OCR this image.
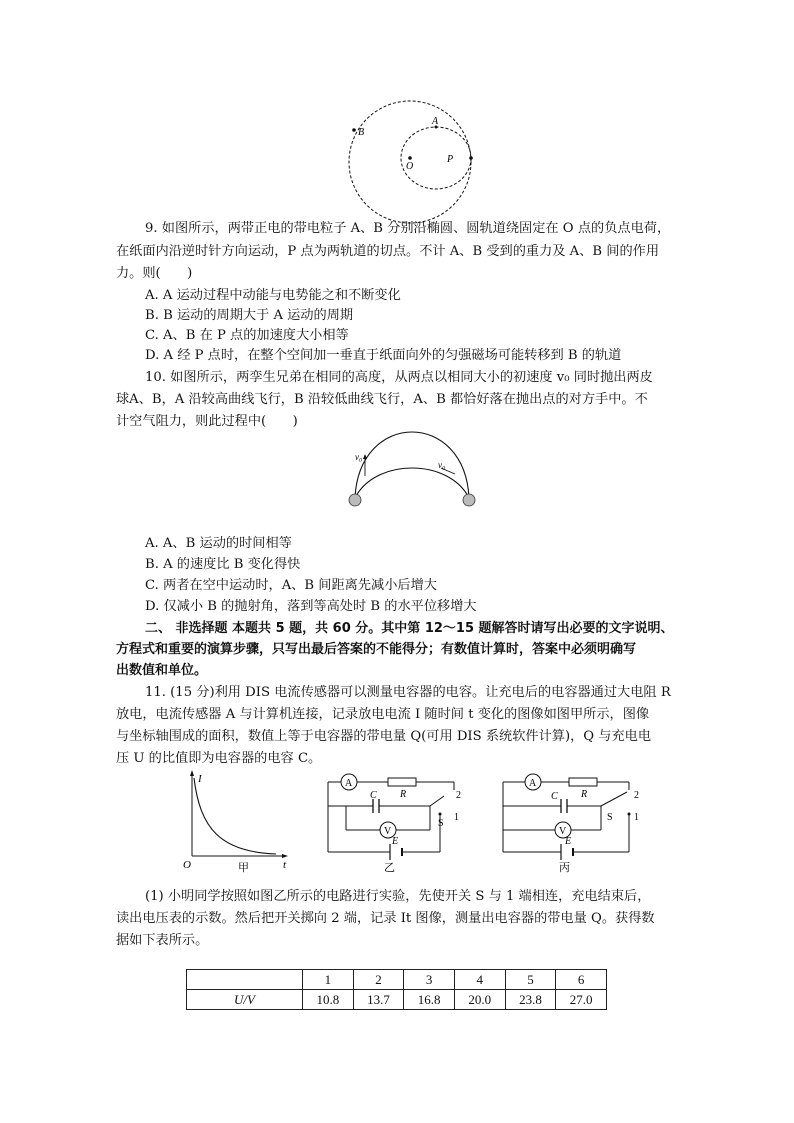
B
A
O
P
9. 如图所示，两带正电的带电粒子 A、B 分别沿椭圆、圆轨道绕固定在 O 点的负点电荷，
在纸面内沿逆时针方向运动，P 点为两轨道的切点。不计 A、B 受到的重力及 A、B 间的作用
力。则(　　)
A. A 运动过程中动能与电势能之和不断变化
B. B 运动的周期大于 A 运动的周期
C. A、B 在 P 点的加速度大小相等
D. A 经 P 点时，在整个空间加一垂直于纸面向外的匀强磁场可能转移到 B 的轨道
10. 如图所示，两孪生兄弟在相同的高度，从两点以相同大小的初速度 v₀ 同时抛出两皮
球A、B，A 沿较高曲线飞行，B 沿较低曲线飞行，A、B 都恰好落在抛出点的对方手中。不
计空气阻力，则此过程中(　　)
v₀
v₀
A. A、B 运动的时间相等
B. A 的速度比 B 变化得快
C. 两者在空中运动时，A、B 间距离先减小后增大
D. 仅减小 B 的抛射角，落到等高处时 B 的水平位移增大
二、 非选择题 本题共 5 题，共 60 分。其中第 12～15 题解答时请写出必要的文字说明、
方程式和重要的演算步骤，只写出最后答案的不能得分；有数值计算时，答案中必须明确写
出数值和单位。
11. (15 分)利用 DIS 电流传感器可以测量电容器的电容。让充电后的电容器通过大电阻 R
放电，电流传感器 A 与计算机连接，记录放电电流 I 随时间 t 变化的图像如图甲所示，图像
与坐标轴围成的面积，数值上等于电容器的带电量 Q(可用 DIS 系统软件计算)，Q 与充电电
压 U 的比值即为电容器的电容 C。
I
t
O	甲
A
R
C
V
S
1
2
E
乙
A
R
C
V
S 1
2
E
丙
(1) 小明同学按照如图乙所示的电路进行实验，先使开关 S 与 1 端相连，充电结束后，
读出电压表的示数。然后把开关掷向 2 端，记录 It 图像，测量出电容器的带电量 Q。获得数
据如下表所示。
	1	2	3	4	5	6
U/V	10.8	13.7	16.8	20.0	23.8	27.0
